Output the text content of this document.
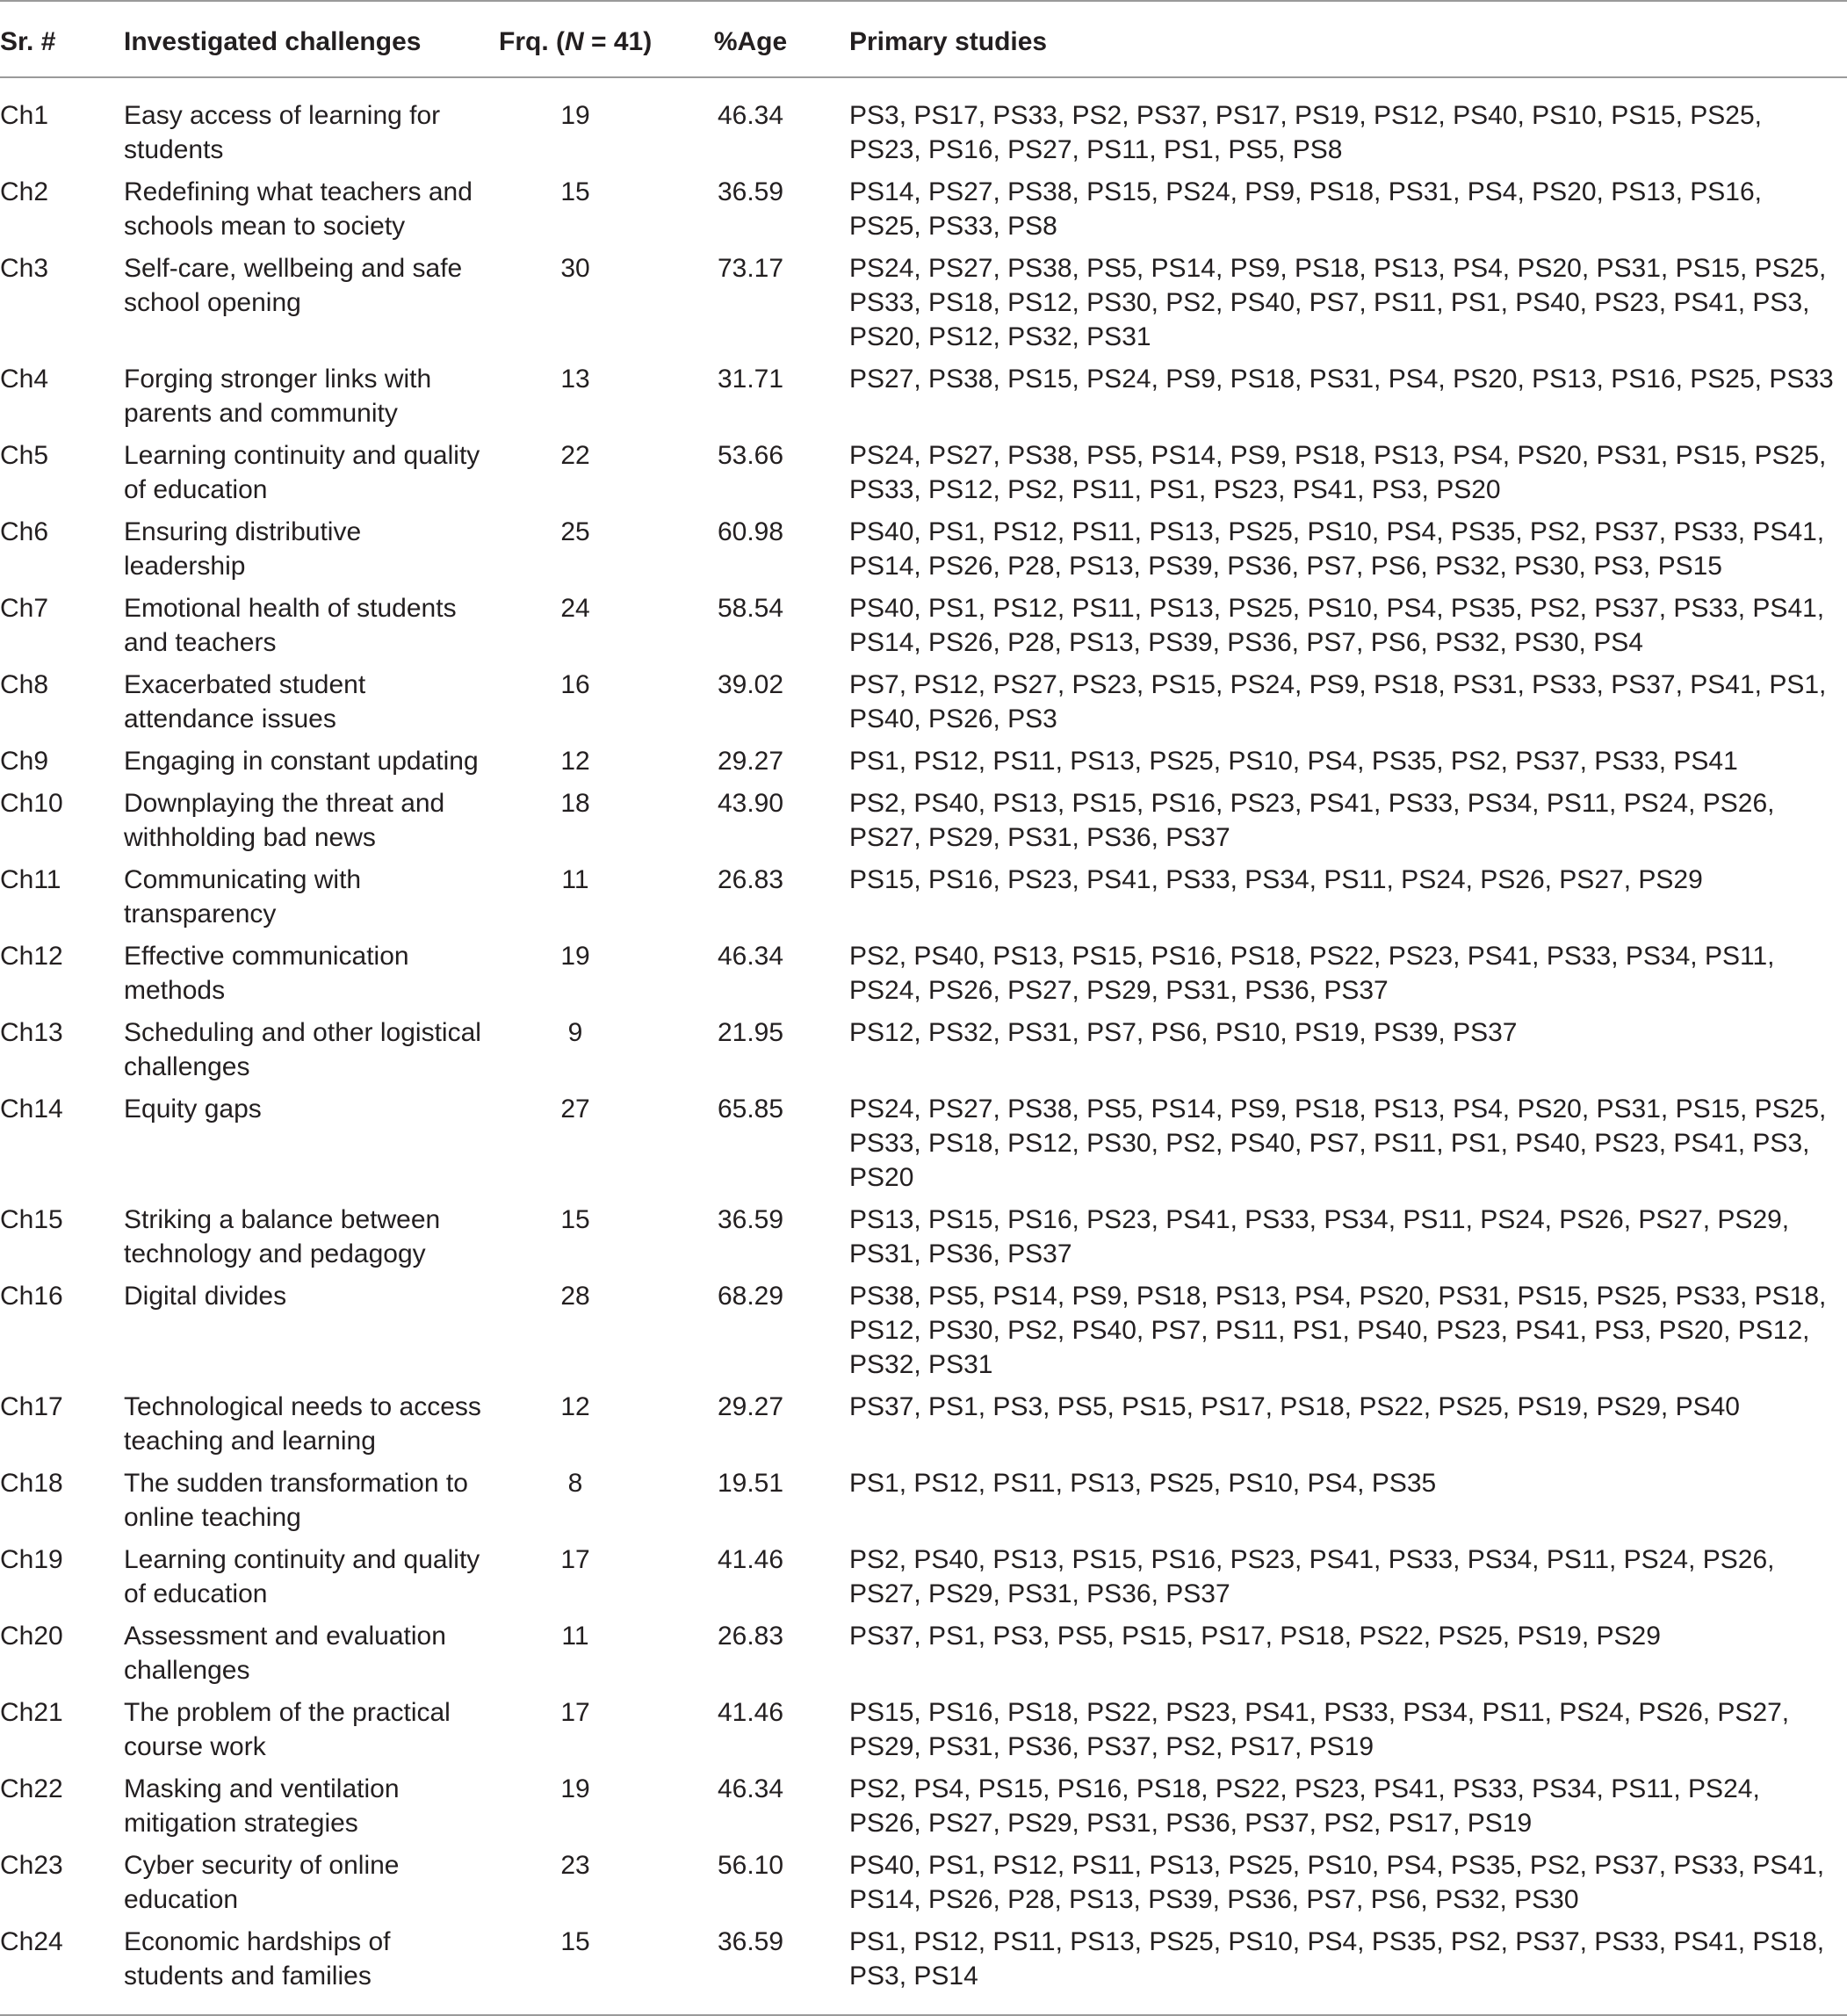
Sr. #	Investigated challenges	Frq. (N = 41)	%Age	Primary studies
Ch1	Easy access of learning for students	19	46.34	PS3, PS17, PS33, PS2, PS37, PS17, PS19, PS12, PS40, PS10, PS15, PS25, PS23, PS16, PS27, PS11, PS1, PS5, PS8
Ch2	Redefining what teachers and schools mean to society	15	36.59	PS14, PS27, PS38, PS15, PS24, PS9, PS18, PS31, PS4, PS20, PS13, PS16, PS25, PS33, PS8
Ch3	Self-care, wellbeing and safe school opening	30	73.17	PS24, PS27, PS38, PS5, PS14, PS9, PS18, PS13, PS4, PS20, PS31, PS15, PS25, PS33, PS18, PS12, PS30, PS2, PS40, PS7, PS11, PS1, PS40, PS23, PS41, PS3, PS20, PS12, PS32, PS31
Ch4	Forging stronger links with parents and community	13	31.71	PS27, PS38, PS15, PS24, PS9, PS18, PS31, PS4, PS20, PS13, PS16, PS25, PS33
Ch5	Learning continuity and quality of education	22	53.66	PS24, PS27, PS38, PS5, PS14, PS9, PS18, PS13, PS4, PS20, PS31, PS15, PS25, PS33, PS12, PS2, PS11, PS1, PS23, PS41, PS3, PS20
Ch6	Ensuring distributive leadership	25	60.98	PS40, PS1, PS12, PS11, PS13, PS25, PS10, PS4, PS35, PS2, PS37, PS33, PS41, PS14, PS26, P28, PS13, PS39, PS36, PS7, PS6, PS32, PS30, PS3, PS15
Ch7	Emotional health of students and teachers	24	58.54	PS40, PS1, PS12, PS11, PS13, PS25, PS10, PS4, PS35, PS2, PS37, PS33, PS41, PS14, PS26, P28, PS13, PS39, PS36, PS7, PS6, PS32, PS30, PS4
Ch8	Exacerbated student attendance issues	16	39.02	PS7, PS12, PS27, PS23, PS15, PS24, PS9, PS18, PS31, PS33, PS37, PS41, PS1, PS40, PS26, PS3
Ch9	Engaging in constant updating	12	29.27	PS1, PS12, PS11, PS13, PS25, PS10, PS4, PS35, PS2, PS37, PS33, PS41
Ch10	Downplaying the threat and withholding bad news	18	43.90	PS2, PS40, PS13, PS15, PS16, PS23, PS41, PS33, PS34, PS11, PS24, PS26, PS27, PS29, PS31, PS36, PS37
Ch11	Communicating with transparency	11	26.83	PS15, PS16, PS23, PS41, PS33, PS34, PS11, PS24, PS26, PS27, PS29
Ch12	Effective communication methods	19	46.34	PS2, PS40, PS13, PS15, PS16, PS18, PS22, PS23, PS41, PS33, PS34, PS11, PS24, PS26, PS27, PS29, PS31, PS36, PS37
Ch13	Scheduling and other logistical challenges	9	21.95	PS12, PS32, PS31, PS7, PS6, PS10, PS19, PS39, PS37
Ch14	Equity gaps	27	65.85	PS24, PS27, PS38, PS5, PS14, PS9, PS18, PS13, PS4, PS20, PS31, PS15, PS25, PS33, PS18, PS12, PS30, PS2, PS40, PS7, PS11, PS1, PS40, PS23, PS41, PS3, PS20
Ch15	Striking a balance between technology and pedagogy	15	36.59	PS13, PS15, PS16, PS23, PS41, PS33, PS34, PS11, PS24, PS26, PS27, PS29, PS31, PS36, PS37
Ch16	Digital divides	28	68.29	PS38, PS5, PS14, PS9, PS18, PS13, PS4, PS20, PS31, PS15, PS25, PS33, PS18, PS12, PS30, PS2, PS40, PS7, PS11, PS1, PS40, PS23, PS41, PS3, PS20, PS12, PS32, PS31
Ch17	Technological needs to access teaching and learning	12	29.27	PS37, PS1, PS3, PS5, PS15, PS17, PS18, PS22, PS25, PS19, PS29, PS40
Ch18	The sudden transformation to online teaching	8	19.51	PS1, PS12, PS11, PS13, PS25, PS10, PS4, PS35
Ch19	Learning continuity and quality of education	17	41.46	PS2, PS40, PS13, PS15, PS16, PS23, PS41, PS33, PS34, PS11, PS24, PS26, PS27, PS29, PS31, PS36, PS37
Ch20	Assessment and evaluation challenges	11	26.83	PS37, PS1, PS3, PS5, PS15, PS17, PS18, PS22, PS25, PS19, PS29
Ch21	The problem of the practical course work	17	41.46	PS15, PS16, PS18, PS22, PS23, PS41, PS33, PS34, PS11, PS24, PS26, PS27, PS29, PS31, PS36, PS37, PS2, PS17, PS19
Ch22	Masking and ventilation mitigation strategies	19	46.34	PS2, PS4, PS15, PS16, PS18, PS22, PS23, PS41, PS33, PS34, PS11, PS24, PS26, PS27, PS29, PS31, PS36, PS37, PS2, PS17, PS19
Ch23	Cyber security of online education	23	56.10	PS40, PS1, PS12, PS11, PS13, PS25, PS10, PS4, PS35, PS2, PS37, PS33, PS41, PS14, PS26, P28, PS13, PS39, PS36, PS7, PS6, PS32, PS30
Ch24	Economic hardships of students and families	15	36.59	PS1, PS12, PS11, PS13, PS25, PS10, PS4, PS35, PS2, PS37, PS33, PS41, PS18, PS3, PS14
